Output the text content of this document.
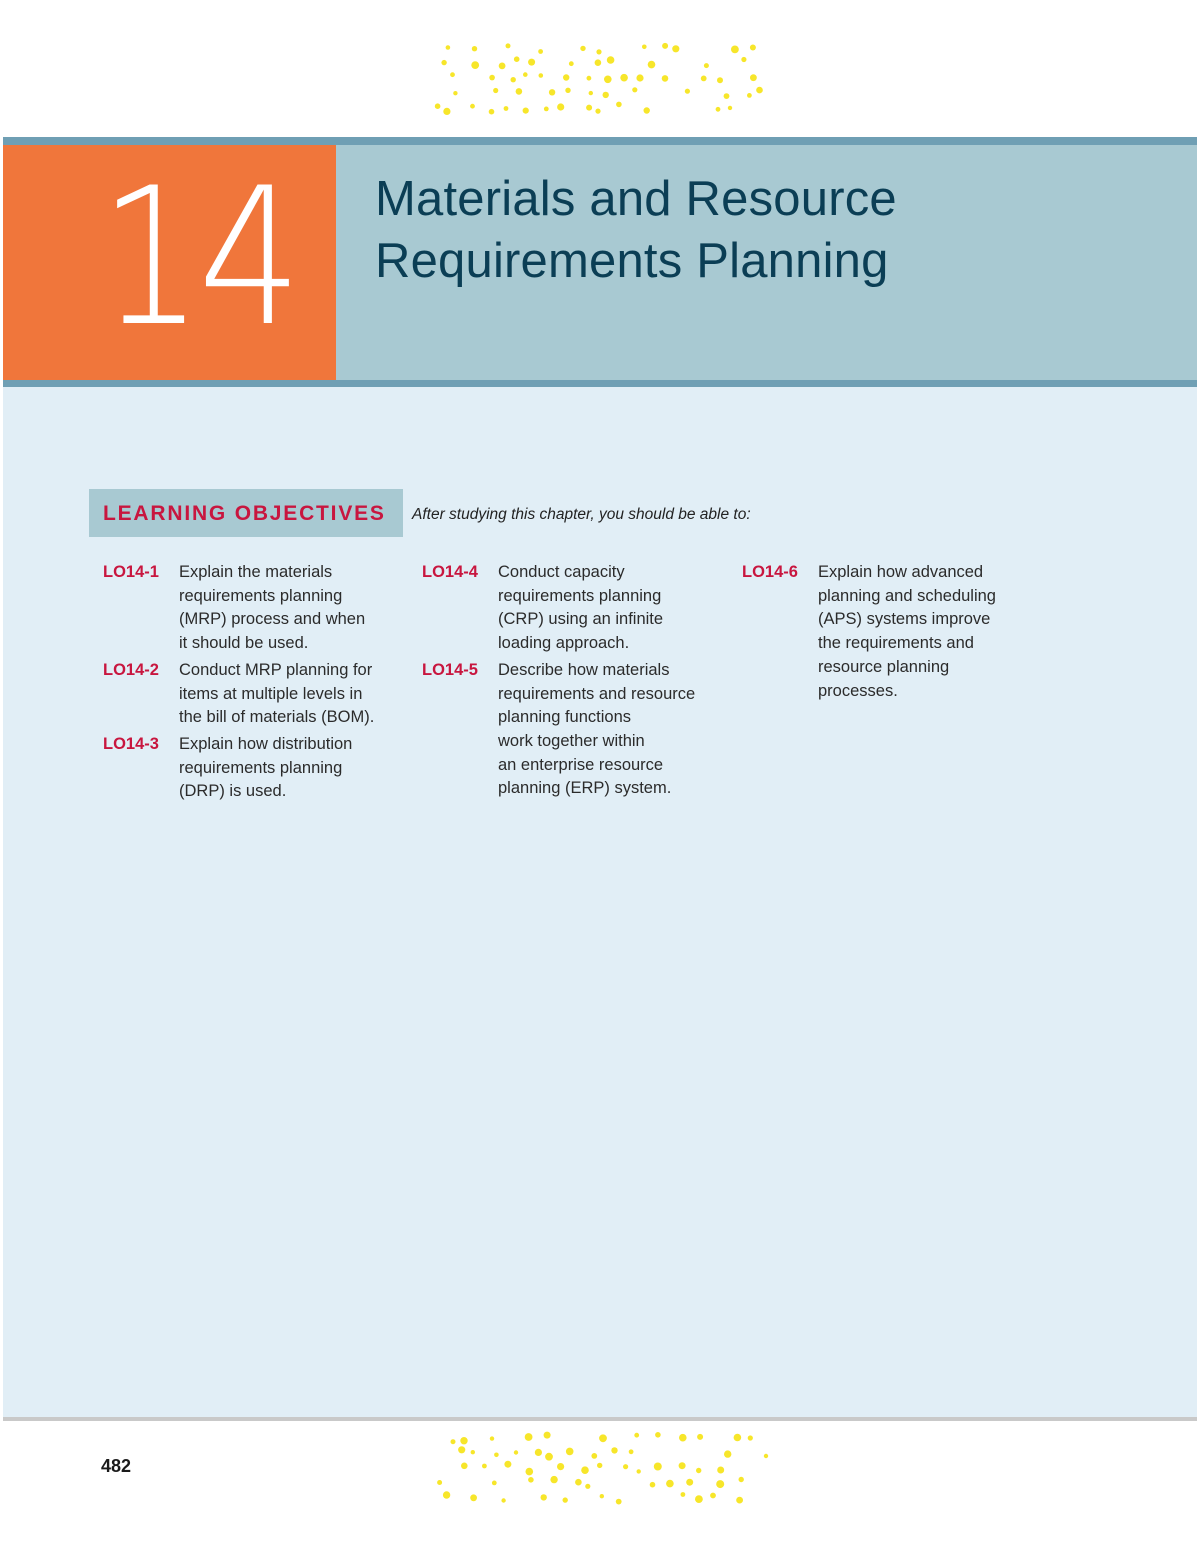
14	Materials and Resource
Requirements Planning
LEARNING OBJECTIVES After studying this chapter, you should be able to:
LO14-1 Explain the materials
requirements planning
(MRP) process and when
it should be used.
LO14-2 Conduct MRP planning for
items at multiple levels in
the bill of materials (BOM).
LO14-3 Explain how distribution
requirements planning
(DRP) is used.
LO14-4 Conduct capacity
requirements planning
(CRP) using an infinite
loading approach.
LO14-5 Describe how materials
requirements and resource
planning functions
work together within
an enterprise resource
planning (ERP) system.
LO14-6 Explain how advanced
planning and scheduling
(APS) systems improve
the requirements and
resource planning
processes.
482
